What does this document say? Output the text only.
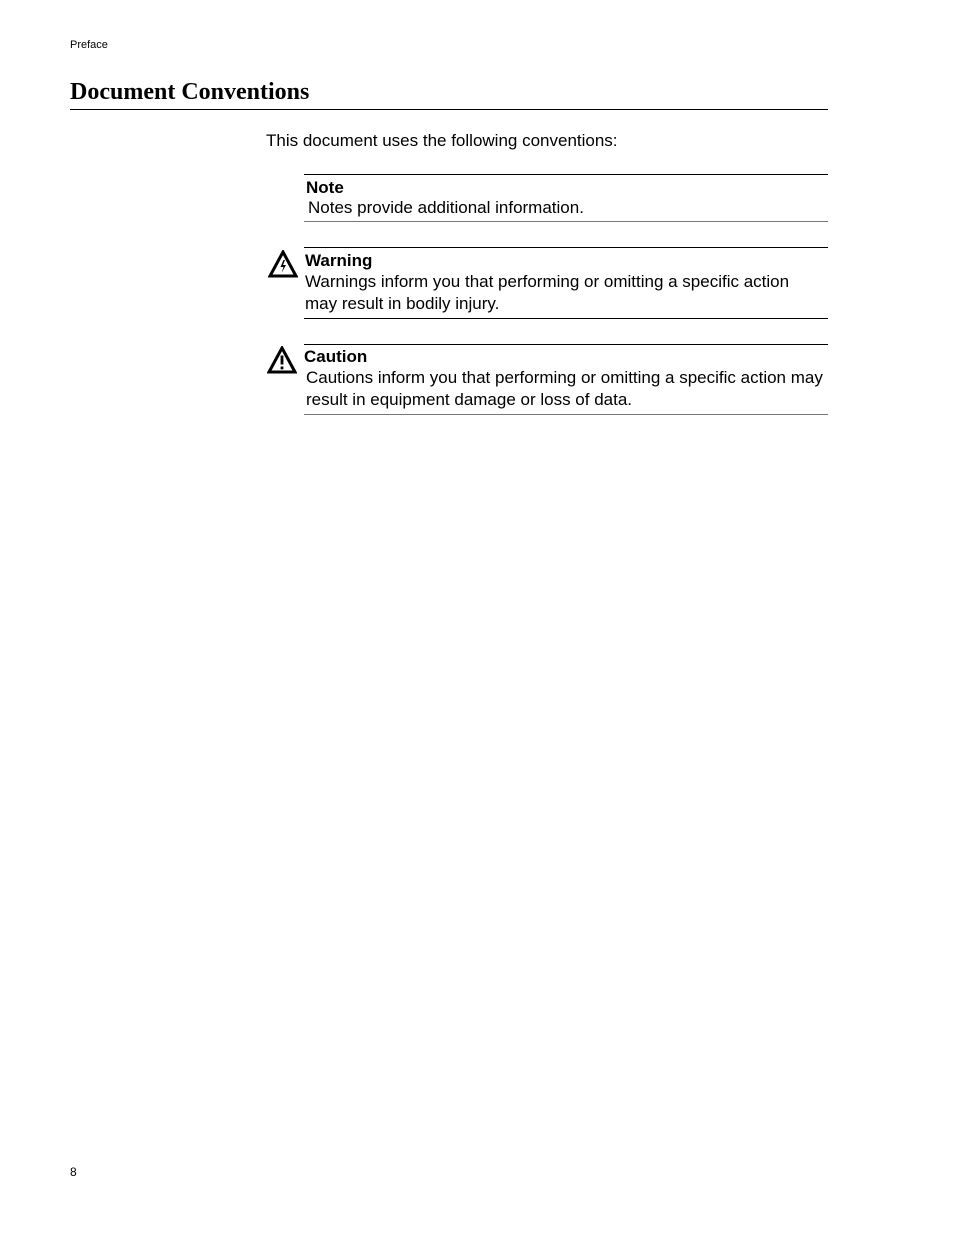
Preface
Document Conventions

This document uses the following conventions:

Note

Notes provide additional information.

Warning

Warnings inform you that performing or omitting a specific action may result in bodily injury.

Caution

Cautions inform you that performing or omitting a specific action may result in equipment damage or loss of data.

8
